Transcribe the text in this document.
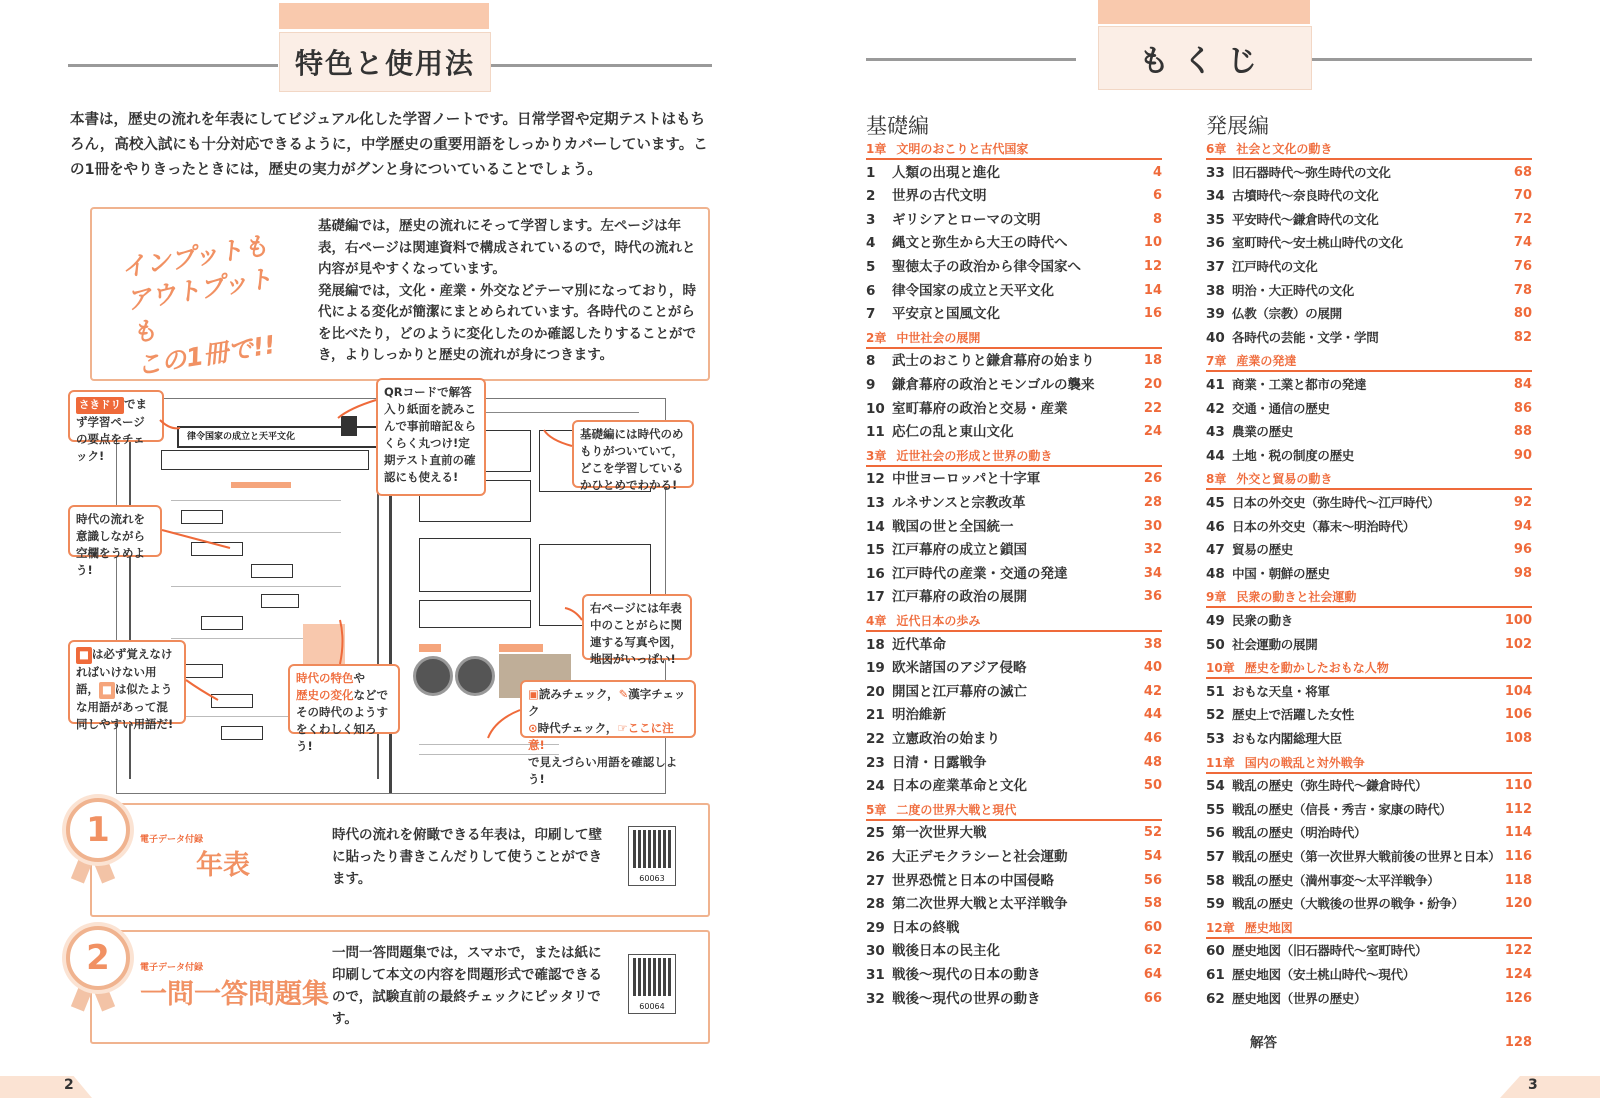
特色と使用法
本書は，歴史の流れを年表にしてビジュアル化した学習ノートです。日常学習や定期テストはもちろん，高校入試にも十分対応できるように，中学歴史の重要用語をしっかりカバーしています。この1冊をやりきったときには，歴史の実力がグンと身についていることでしょう。
インプットも
アウトプットも
この1冊で!!
基礎編では，歴史の流れにそって学習します。左ページは年表，右ページは関連資料で構成されているので，時代の流れと内容が見やすくなっています。
発展編では，文化・産業・外交などテーマ別になっており，時代による変化が簡潔にまとめられています。各時代のことがらを比べたり，どのように変化したのか確認したりすることができ，よりしっかりと歴史の流れが身につきます。
律令国家の成立と天平文化
さきドリ でまず学習ページの要点をチェック!
QRコードで解答入り紙面を読みこんで事前暗記＆らくらく丸つけ!定期テスト直前の確認にも使える!
基礎編には時代のめもりがついていて，どこを学習しているかひとめでわかる!
時代の流れを意識しながら空欄をうめよう!
右ページには年表中のことがらに関連する写真や図，地図がいっぱい!
■ は必ず覚えなければいけない用語， ■ は似たような用語があって混同しやすい用語だ!
時代の特色や
歴史の変化などでその時代のようすをくわしく知ろう!
▣読みチェック，✎漢字チェック
⊙時代チェック，☞ここに注意!
で見えづらい用語を確認しよう!
1	電子データ付録
年表
時代の流れを俯瞰できる年表は，印刷して壁に貼ったり書きこんだりして使うことができます。	60063
2	電子データ付録
一問一答問題集
一問一答問題集では，スマホで，または紙に印刷して本文の内容を問題形式で確認できるので，試験直前の最終チェックにピッタリです。
60064
2
もくじ
基礎編	発展編
1章 文明のおこりと古代国家
1 人類の出現と進化	4
2 世界の古代文明	6
3 ギリシアとローマの文明	8
4 縄文と弥生から大王の時代へ	10
5 聖徳太子の政治から律令国家へ	12
6 律令国家の成立と天平文化	14
7 平安京と国風文化	16
2章 中世社会の展開
8 武士のおこりと鎌倉幕府の始まり	18
9 鎌倉幕府の政治とモンゴルの襲来	20
10 室町幕府の政治と交易・産業	22
11 応仁の乱と東山文化	24
3章 近世社会の形成と世界の動き
12 中世ヨーロッパと十字軍	26
13 ルネサンスと宗教改革	28
14 戦国の世と全国統一	30
15 江戸幕府の成立と鎖国	32
16 江戸時代の産業・交通の発達	34
17 江戸幕府の政治の展開	36
4章 近代日本の歩み
18 近代革命	38
19 欧米諸国のアジア侵略	40
20 開国と江戸幕府の滅亡	42
21 明治維新	44
22 立憲政治の始まり	46
23 日清・日露戦争	48
24 日本の産業革命と文化	50
5章 二度の世界大戦と現代
25 第一次世界大戦	52
26 大正デモクラシーと社会運動	54
27 世界恐慌と日本の中国侵略	56
28 第二次世界大戦と太平洋戦争	58
29 日本の終戦	60
30 戦後日本の民主化	62
31 戦後～現代の日本の動き	64
32 戦後～現代の世界の動き	66
6章 社会と文化の動き
33 旧石器時代～弥生時代の文化	68
34 古墳時代～奈良時代の文化	70
35 平安時代～鎌倉時代の文化	72
36 室町時代～安土桃山時代の文化	74
37 江戸時代の文化	76
38 明治・大正時代の文化	78
39 仏教（宗教）の展開	80
40 各時代の芸能・文学・学問	82
7章 産業の発達
41 商業・工業と都市の発達	84
42 交通・通信の歴史	86
43 農業の歴史	88
44 土地・税の制度の歴史	90
8章 外交と貿易の動き
45 日本の外交史（弥生時代～江戸時代）	92
46 日本の外交史（幕末～明治時代）	94
47 貿易の歴史	96
48 中国・朝鮮の歴史	98
9章 民衆の動きと社会運動
49 民衆の動き	100
50 社会運動の展開	102
10章 歴史を動かしたおもな人物
51 おもな天皇・将軍	104
52 歴史上で活躍した女性	106
53 おもな内閣総理大臣	108
11章 国内の戦乱と対外戦争
54 戦乱の歴史（弥生時代～鎌倉時代）	110
55 戦乱の歴史（信長・秀吉・家康の時代）	112
56 戦乱の歴史（明治時代）	114
57 戦乱の歴史（第一次世界大戦前後の世界と日本） 116
58 戦乱の歴史（満州事変～太平洋戦争）	118
59 戦乱の歴史（大戦後の世界の戦争・紛争）	120
12章 歴史地図
60 歴史地図（旧石器時代～室町時代）	122
61 歴史地図（安土桃山時代～現代）	124
62 歴史地図（世界の歴史）	126
解答	128
3
